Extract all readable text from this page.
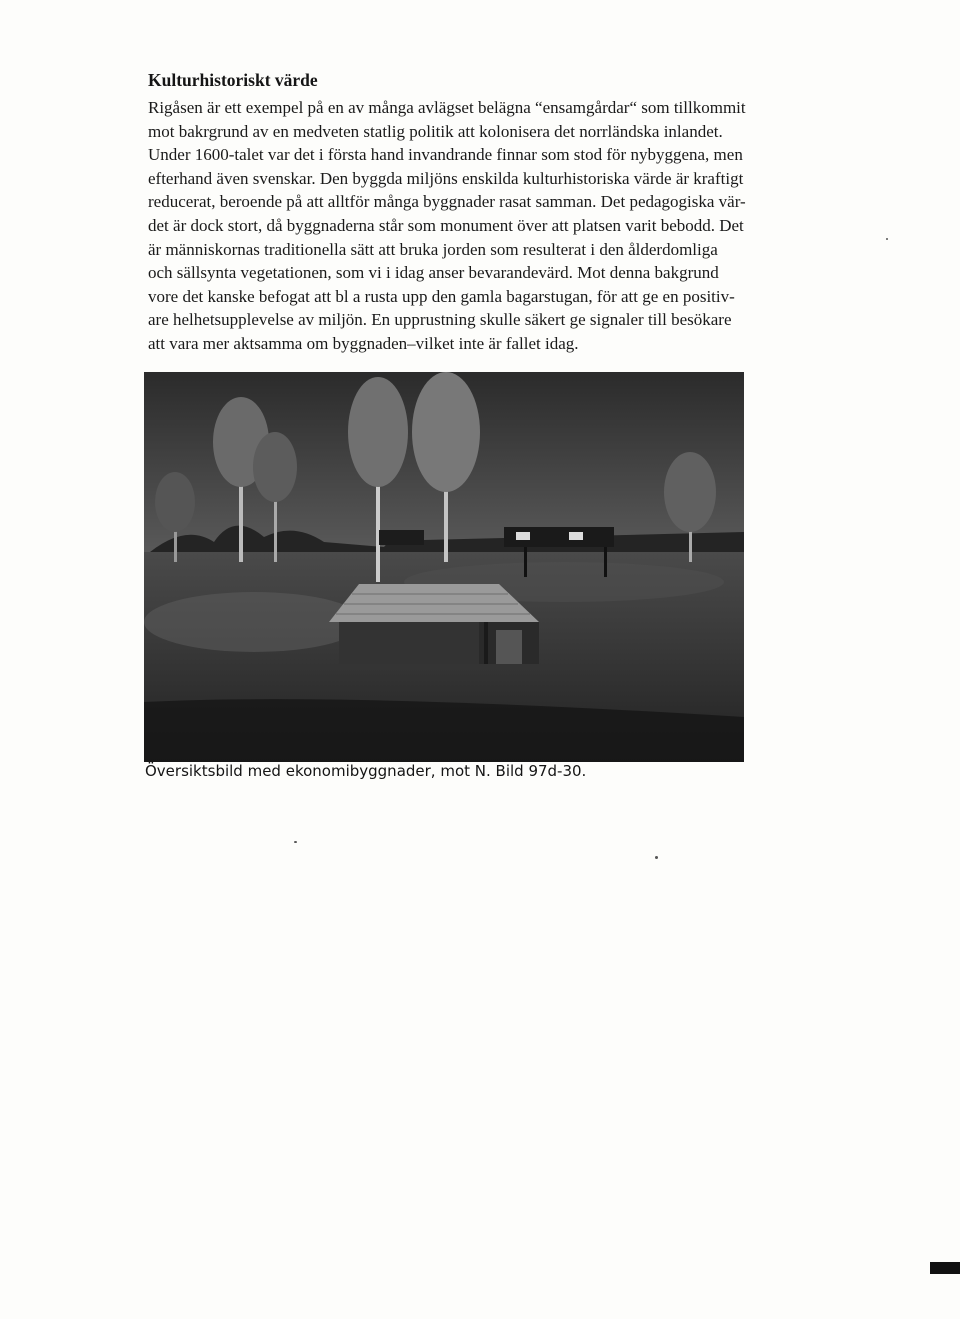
Kulturhistoriskt värde

Rigåsen är ett exempel på en av många avlägset belägna “ensamgårdar“ som tillkommit
mot bakrgrund av en medveten statlig politik att kolonisera det norrländska inlandet.
Under 1600-talet var det i första hand invandrande finnar som stod för nybyggena, men
efterhand även svenskar. Den byggda miljöns enskilda kulturhistoriska värde är kraftigt
reducerat, beroende på att alltför många byggnader rasat samman. Det pedagogiska vär-
det är dock stort, då byggnaderna står som monument över att platsen varit bebodd. Det
är människornas traditionella sätt att bruka jorden som resulterat i den ålderdomliga
och sällsynta vegetationen, som vi i idag anser bevarandevärd. Mot denna bakgrund
vore det kanske befogat att bl a rusta upp den gamla bagarstugan, för att ge en positiv-
are helhetsupplevelse av miljön. En upprustning skulle säkert ge signaler till besökare
att vara mer aktsamma om byggnaden–vilket inte är fallet idag.

Översiktsbild med ekonomibyggnader, mot N. Bild 97d-30.
